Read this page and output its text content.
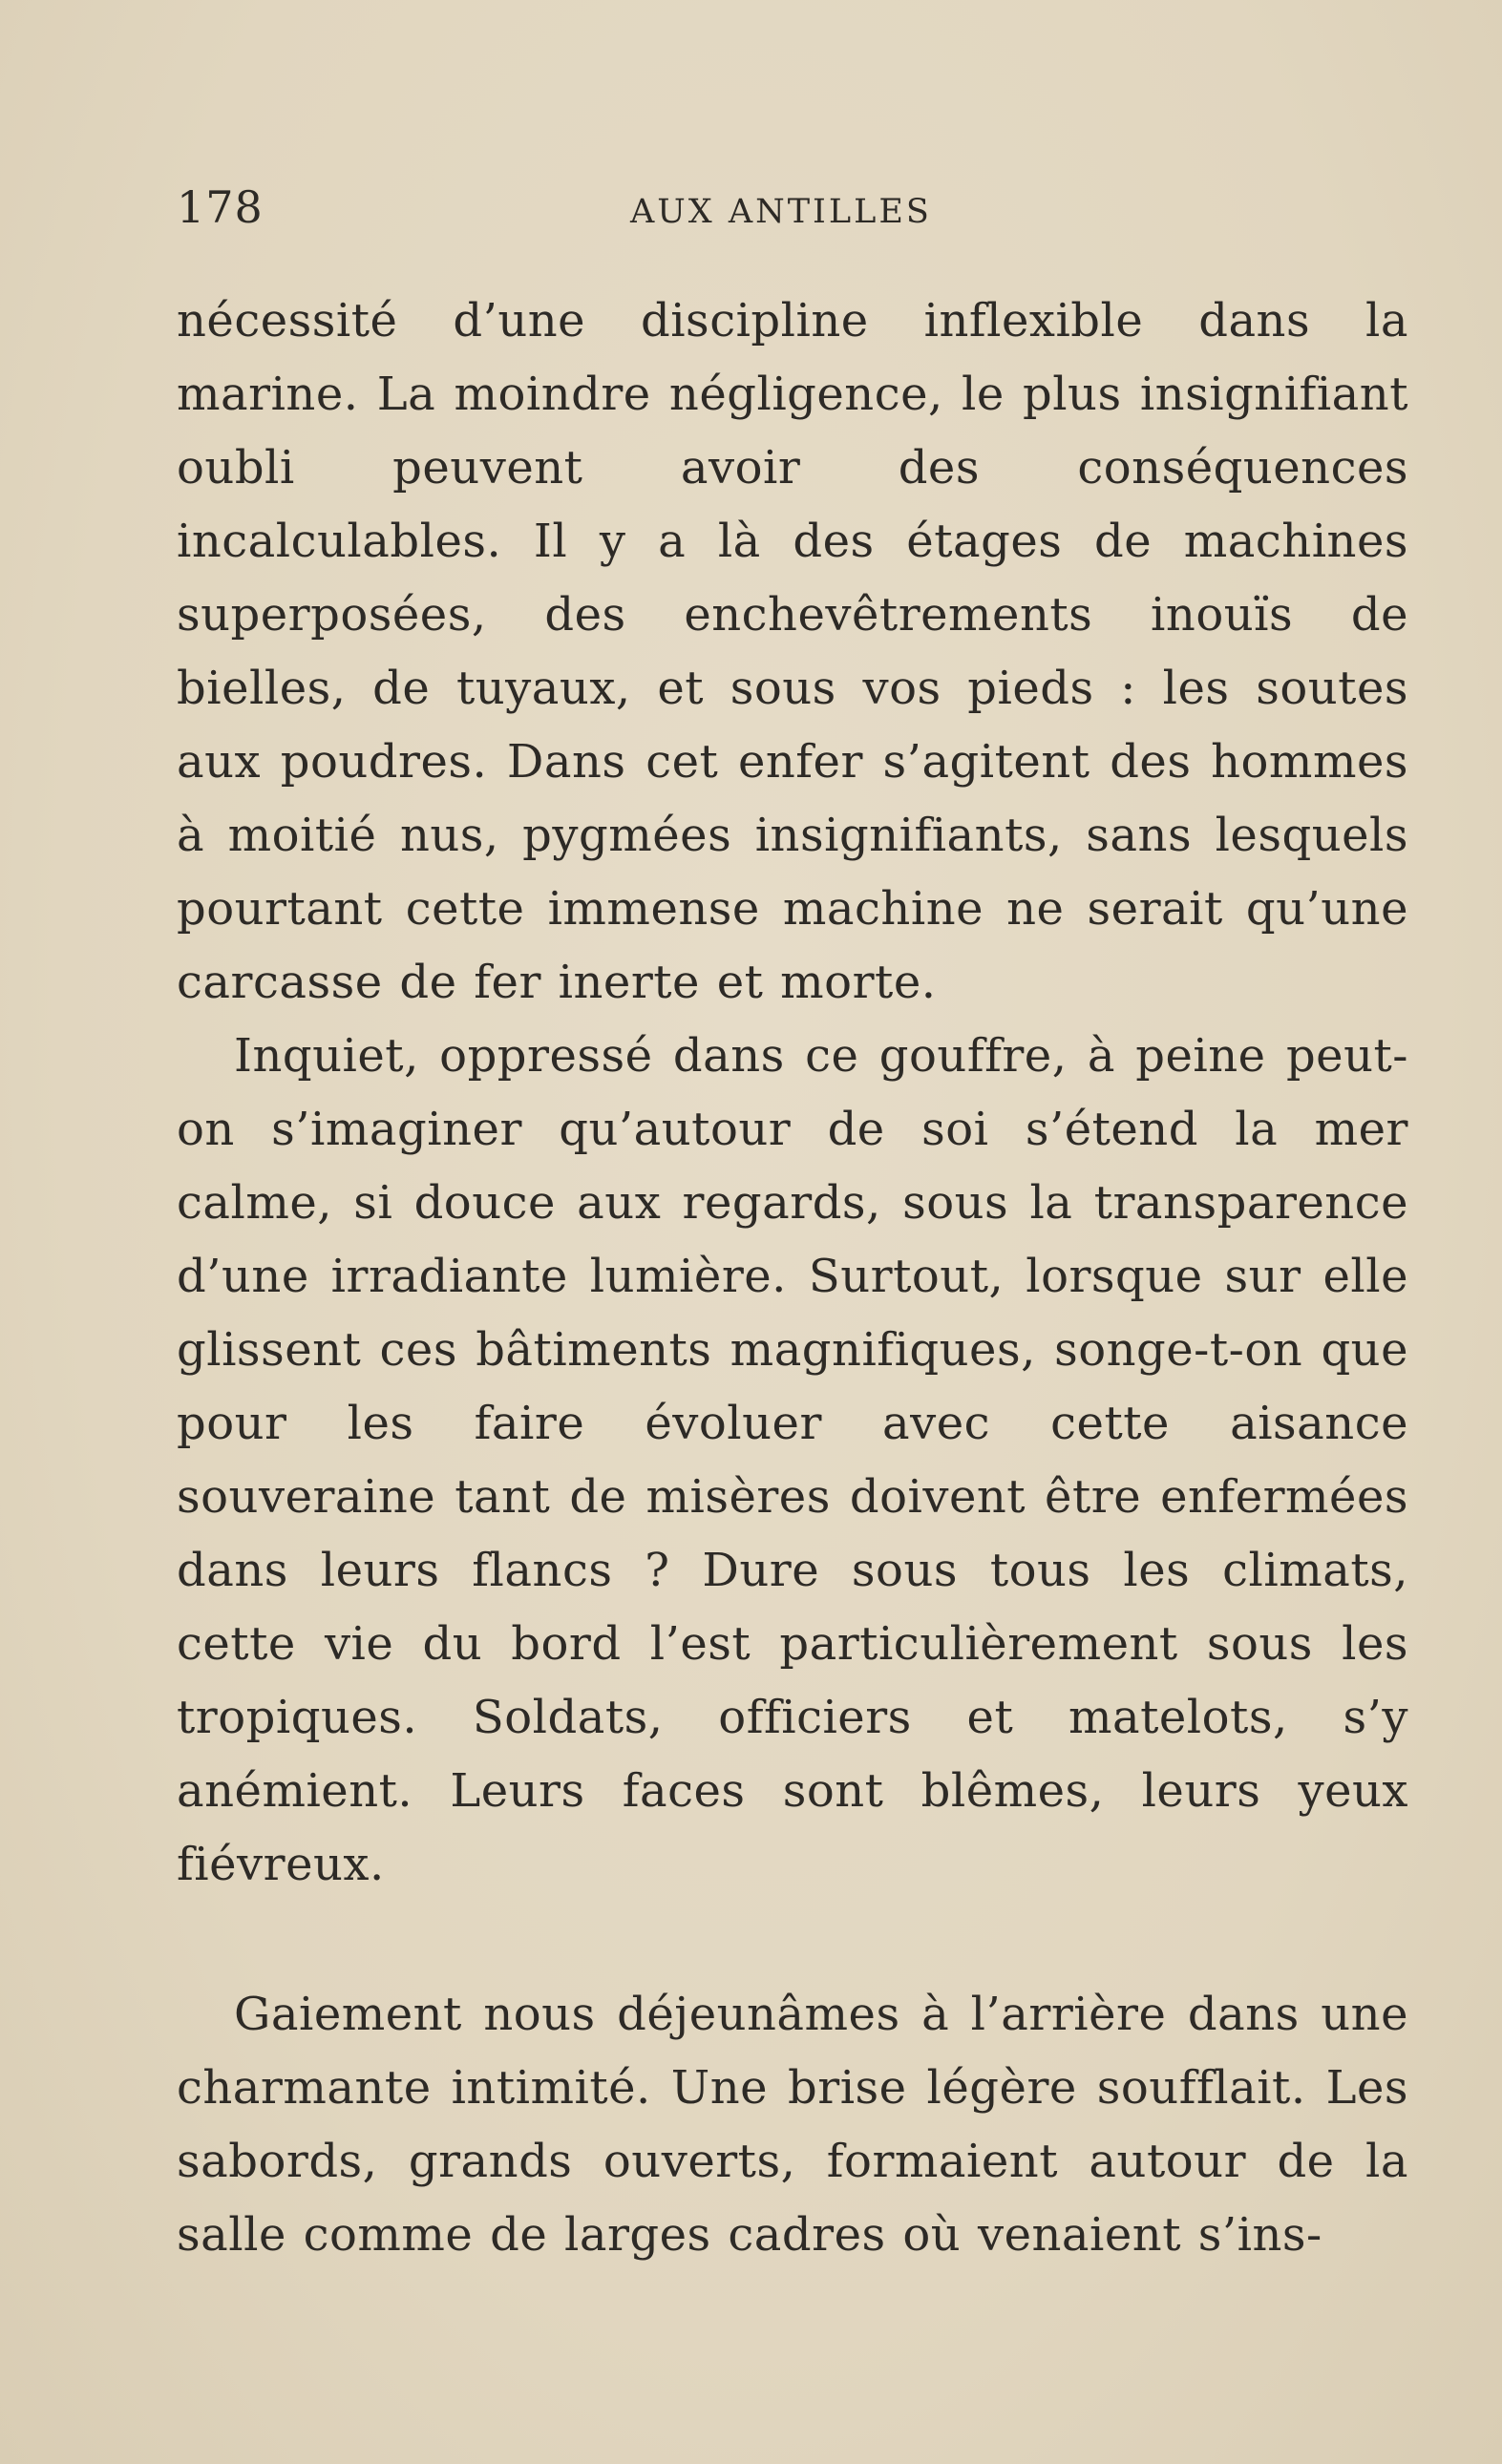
178	AUX ANTILLES

nécessité d’une discipline inflexible dans la marine. La moindre négligence, le plus insignifiant oubli peuvent avoir des conséquences incalculables. Il y a là des étages de machines superposées, des enchevêtrements inouïs de bielles, de tuyaux, et sous vos pieds : les soutes aux poudres. Dans cet enfer s’agitent des hommes à moitié nus, pygmées insignifiants, sans lesquels pourtant cette immense machine ne serait qu’une carcasse de fer inerte et morte.

Inquiet, oppressé dans ce gouffre, à peine peut-on s’imaginer qu’autour de soi s’étend la mer calme, si douce aux regards, sous la transparence d’une irradiante lumière. Surtout, lorsque sur elle glissent ces bâtiments magnifiques, songe-t-on que pour les faire évoluer avec cette aisance souveraine tant de misères doivent être enfermées dans leurs flancs ? Dure sous tous les climats, cette vie du bord l’est particulièrement sous les tropiques. Soldats, officiers et matelots, s’y anémient. Leurs faces sont blêmes, leurs yeux fiévreux.

Gaiement nous déjeunâmes à l’arrière dans une charmante intimité. Une brise légère soufflait. Les sabords, grands ouverts, formaient autour de la salle comme de larges cadres où venaient s’ins-
